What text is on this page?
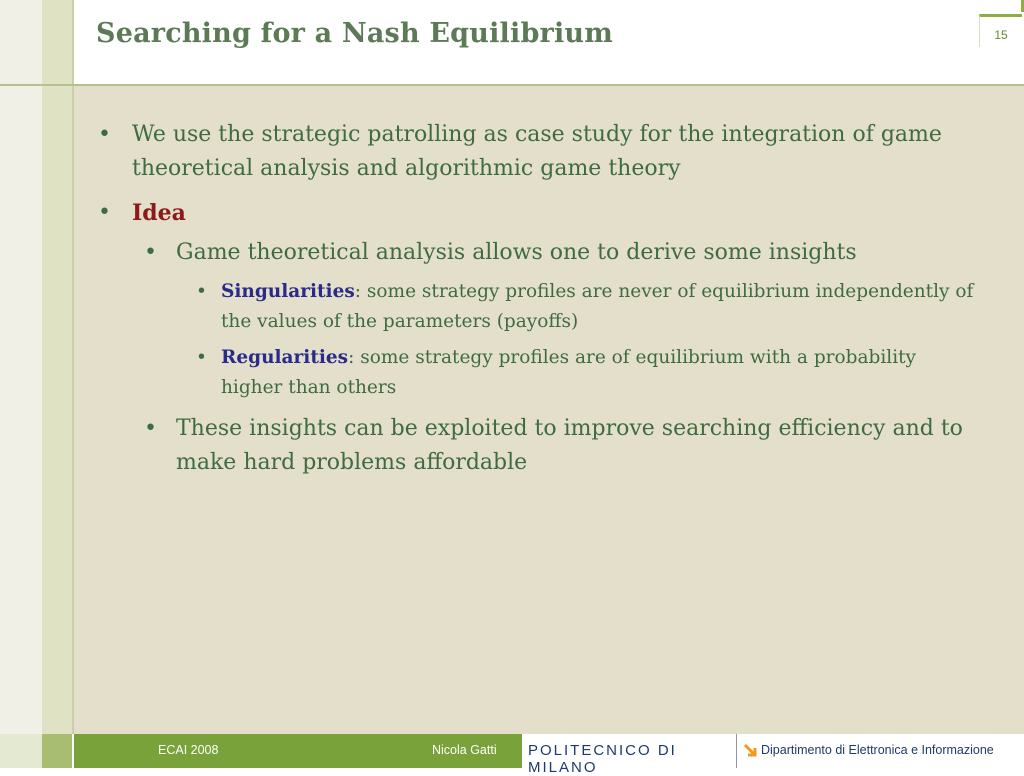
Searching for a Nash Equilibrium	15
• We use the strategic patrolling as case study for the integration of game theoretical analysis and algorithmic game theory
• Idea
• Game theoretical analysis allows one to derive some insights
• Singularities: some strategy profiles are never of equilibrium independently of the values of the parameters (payoffs)
• Regularities: some strategy profiles are of equilibrium with a probability higher than others
• These insights can be exploited to improve searching efficiency and to make hard problems affordable
ECAI 2008	Nicola Gatti POLITECNICO DI MILANO
Dipartimento di Elettronica e Informazione
